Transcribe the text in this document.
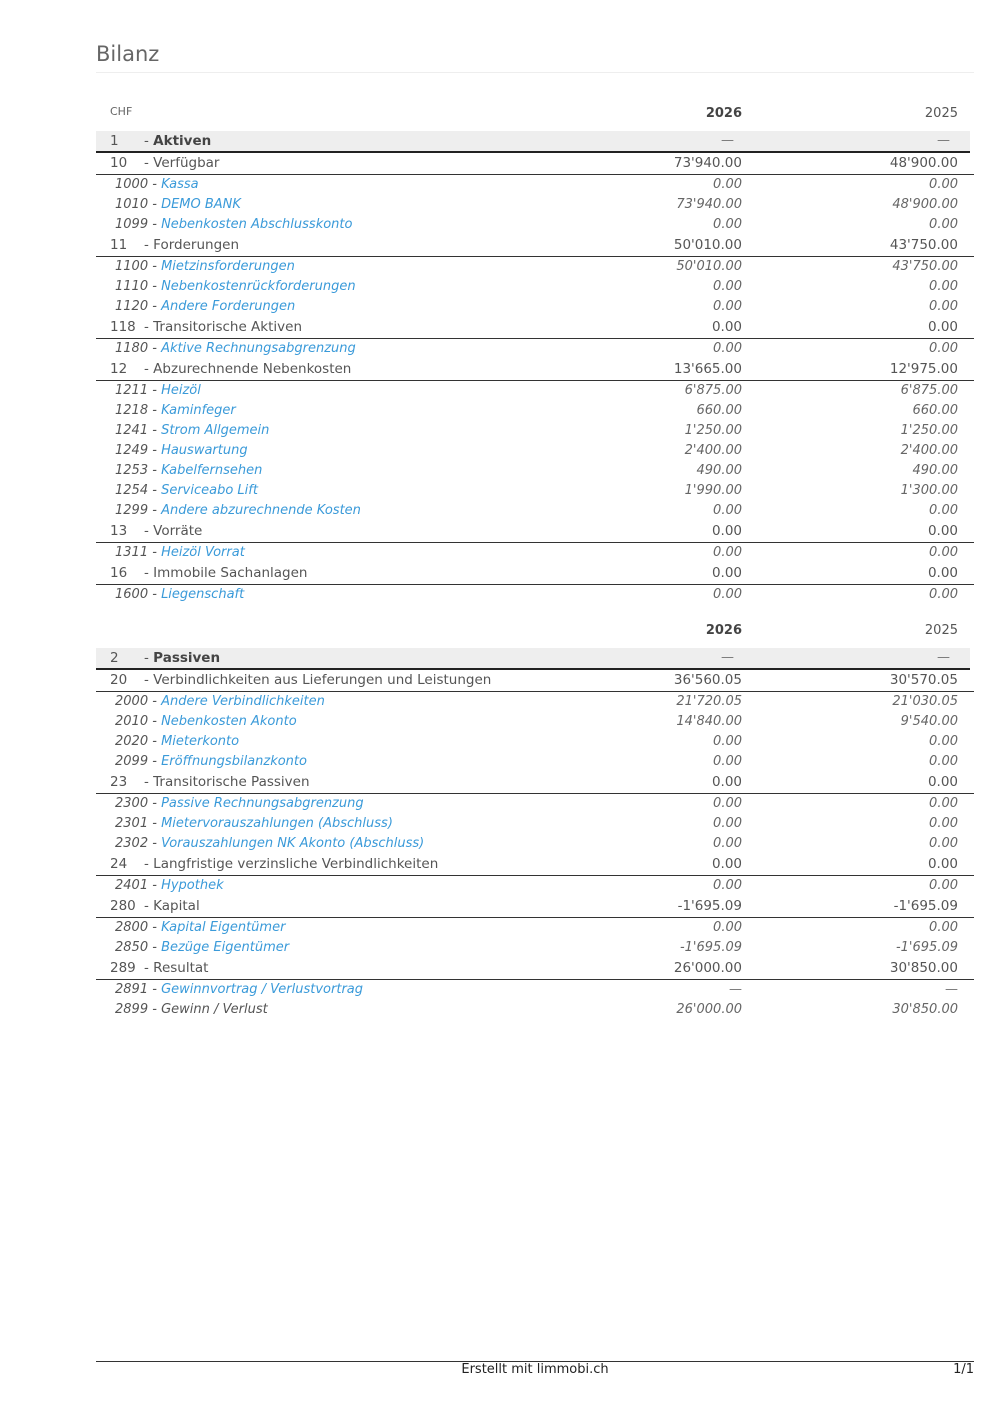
Bilanz
CHF	2026	2025
1 - Aktiven	—	—
10 - Verfügbar	73'940.00	48'900.00
1000 - Kassa	0.00	0.00
1010 - DEMO BANK	73'940.00	48'900.00
1099 - Nebenkosten Abschlusskonto	0.00	0.00
11 - Forderungen	50'010.00	43'750.00
1100 - Mietzinsforderungen	50'010.00	43'750.00
1110 - Nebenkostenrückforderungen	0.00	0.00
1120 - Andere Forderungen	0.00	0.00
118 - Transitorische Aktiven	0.00	0.00
1180 - Aktive Rechnungsabgrenzung	0.00	0.00
12 - Abzurechnende Nebenkosten	13'665.00	12'975.00
1211 - Heizöl	6'875.00	6'875.00
1218 - Kaminfeger	660.00	660.00
1241 - Strom Allgemein	1'250.00	1'250.00
1249 - Hauswartung	2'400.00	2'400.00
1253 - Kabelfernsehen	490.00	490.00
1254 - Serviceabo Lift	1'990.00	1'300.00
1299 - Andere abzurechnende Kosten	0.00	0.00
13 - Vorräte	0.00	0.00
1311 - Heizöl Vorrat	0.00	0.00
16 - Immobile Sachanlagen	0.00	0.00
1600 - Liegenschaft	0.00	0.00
2026	2025
2 - Passiven	—	—
20 - Verbindlichkeiten aus Lieferungen und Leistungen	36'560.05	30'570.05
2000 - Andere Verbindlichkeiten	21'720.05	21'030.05
2010 - Nebenkosten Akonto	14'840.00	9'540.00
2020 - Mieterkonto	0.00	0.00
2099 - Eröffnungsbilanzkonto	0.00	0.00
23 - Transitorische Passiven	0.00	0.00
2300 - Passive Rechnungsabgrenzung	0.00	0.00
2301 - Mietervorauszahlungen (Abschluss)	0.00	0.00
2302 - Vorauszahlungen NK Akonto (Abschluss)	0.00	0.00
24 - Langfristige verzinsliche Verbindlichkeiten	0.00	0.00
2401 - Hypothek	0.00	0.00
280 - Kapital	-1'695.09	-1'695.09
2800 - Kapital Eigentümer	0.00	0.00
2850 - Bezüge Eigentümer	-1'695.09	-1'695.09
289 - Resultat	26'000.00	30'850.00
2891 - Gewinnvortrag / Verlustvortrag	—	—
2899 - Gewinn / Verlust	26'000.00	30'850.00
Erstellt mit limmobi.ch	1/1
